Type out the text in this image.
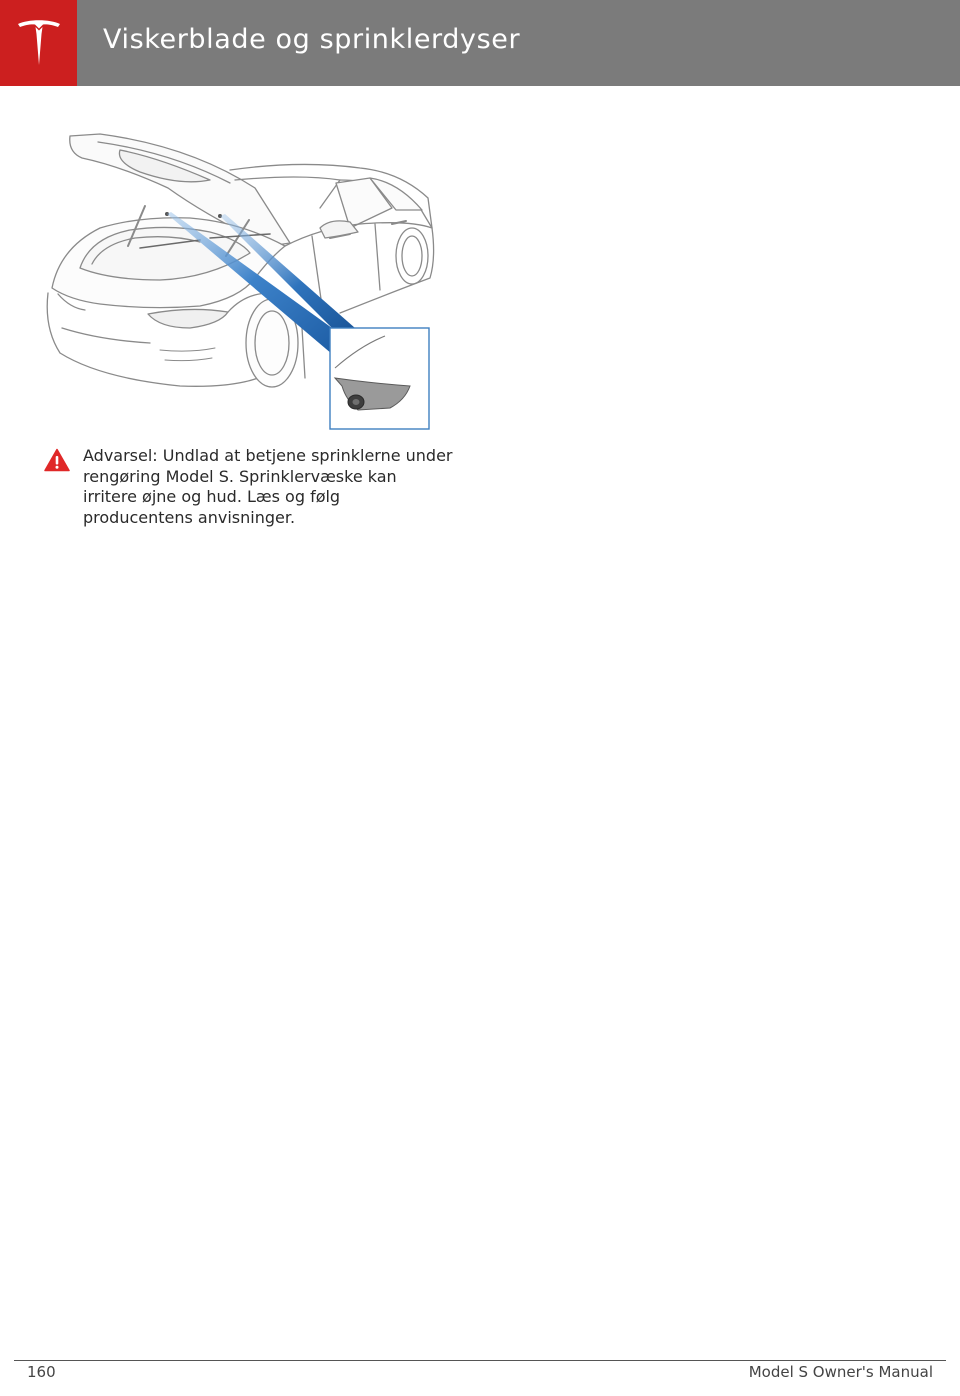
Viskerblade og sprinklerdyser
Advarsel: Undlad at betjene sprinklerne under rengøring Model S. Sprinklervæske kan irritere øjne og hud. Læs og følg producentens anvisninger.
160	Model S Owner's Manual
